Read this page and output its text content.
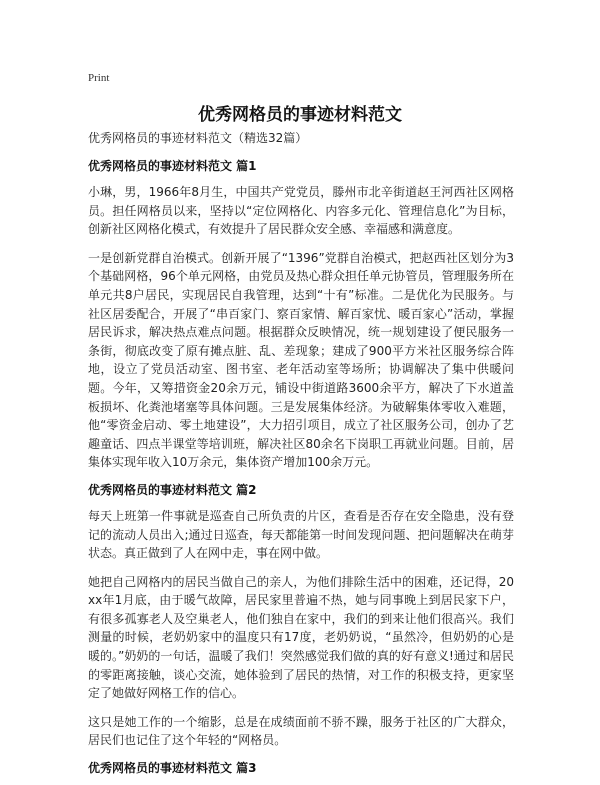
Print
优秀网格员的事迹材料范文

优秀网格员的事迹材料范文（精选32篇）

优秀网格员的事迹材料范文 篇1

小琳，男，1966年8月生，中国共产党党员，滕州市北辛街道赵王河西社区网格员。担任网格员以来，坚持以“定位网格化、内容多元化、管理信息化”为目标，创新社区网格化模式，有效提升了居民群众安全感、幸福感和满意度。

一是创新党群自治模式。创新开展了“1396”党群自治模式，把赵西社区划分为3个基础网格，96个单元网格，由党员及热心群众担任单元协管员，管理服务所在单元共8户居民，实现居民自我管理，达到“十有”标准。二是优化为民服务。与社区居委配合，开展了“串百家门、察百家情、解百家忧、暖百家心”活动，掌握居民诉求，解决热点难点问题。根据群众反映情况，统一规划建设了便民服务一条街，彻底改变了原有摊点脏、乱、差现象；建成了900平方米社区服务综合阵地，设立了党员活动室、图书室、老年活动室等场所；协调解决了集中供暖问题。今年，又筹措资金20余万元，铺设中街道路3600余平方，解决了下水道盖板损坏、化粪池堵塞等具体问题。三是发展集体经济。为破解集体零收入难题，他“零资金启动、零土地建设”，大力招引项目，成立了社区服务公司，创办了艺趣童话、四点半课堂等培训班，解决社区80余名下岗职工再就业问题。目前，居集体实现年收入10万余元，集体资产增加100余万元。

优秀网格员的事迹材料范文 篇2

每天上班第一件事就是巡查自己所负责的片区，查看是否存在安全隐患，没有登记的流动人员出入;通过日巡查，每天都能第一时间发现问题、把问题解决在萌芽状态。真正做到了人在网中走，事在网中做。

她把自己网格内的居民当做自己的亲人，为他们排除生活中的困难，还记得，20xx年1月底，由于暖气故障，居民家里普遍不热，她与同事晚上到居民家下户，有很多孤寡老人及空巢老人，他们独自在家中，我们的到来让他们很高兴。我们测量的时候，老奶奶家中的温度只有17度，老奶奶说，“虽然冷，但奶奶的心是暖的。”奶奶的一句话，温暖了我们！突然感觉我们做的真的好有意义!通过和居民的零距离接触，谈心交流，她体验到了居民的热情，对工作的积极支持，更家坚定了她做好网格工作的信心。

这只是她工作的一个缩影，总是在成绩面前不骄不躁，服务于社区的广大群众，居民们也记住了这个年轻的“网格员。

优秀网格员的事迹材料范文 篇3
